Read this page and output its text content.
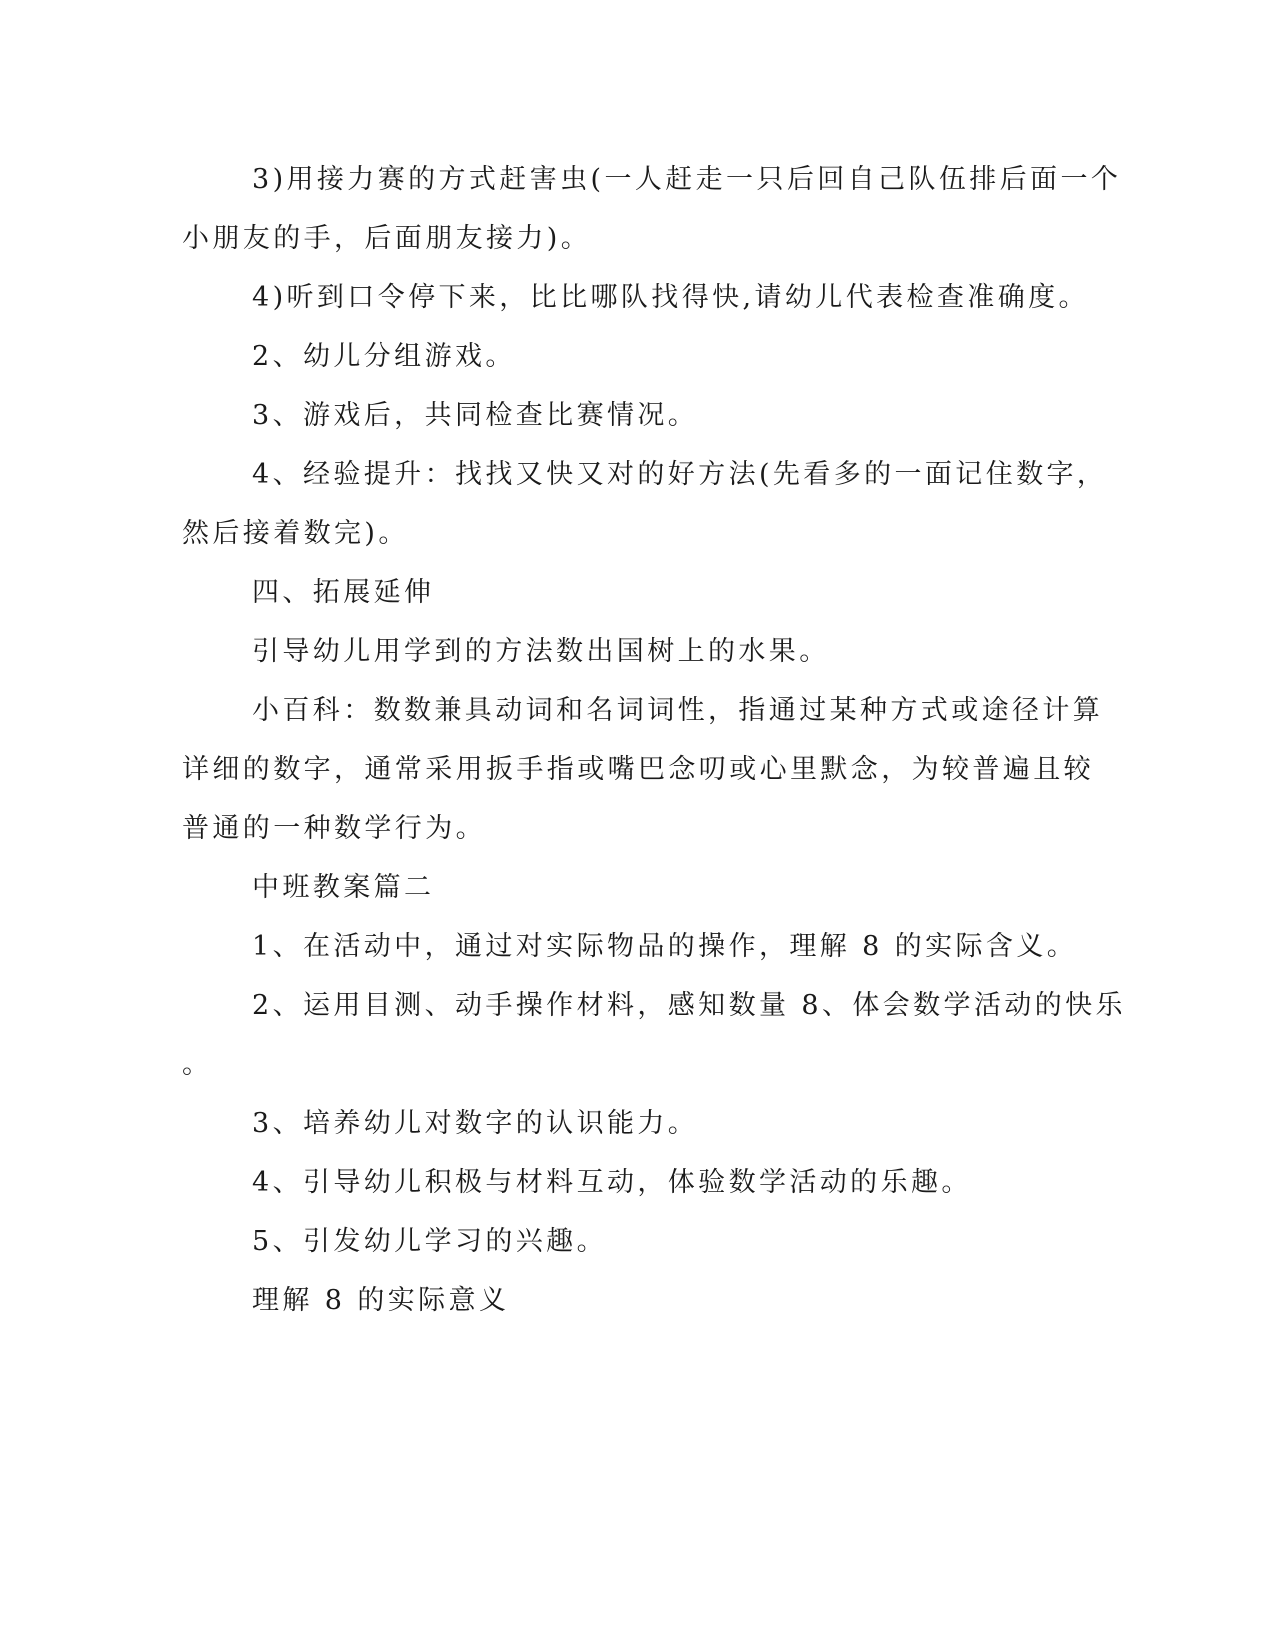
3)用接力赛的方式赶害虫(一人赶走一只后回自己队伍排后面一个
小朋友的手，后面朋友接力)。
4)听到口令停下来，比比哪队找得快,请幼儿代表检查准确度。
2、幼儿分组游戏。
3、游戏后，共同检查比赛情况。
4、经验提升：找找又快又对的好方法(先看多的一面记住数字，
然后接着数完)。
四、拓展延伸
引导幼儿用学到的方法数出国树上的水果。
小百科：数数兼具动词和名词词性，指通过某种方式或途径计算
详细的数字，通常采用扳手指或嘴巴念叨或心里默念，为较普遍且较
普通的一种数学行为。
中班教案篇二
1、在活动中，通过对实际物品的操作，理解 8 的实际含义。
2、运用目测、动手操作材料，感知数量 8、体会数学活动的快乐
。
3、培养幼儿对数字的认识能力。
4、引导幼儿积极与材料互动，体验数学活动的乐趣。
5、引发幼儿学习的兴趣。
理解 8 的实际意义
